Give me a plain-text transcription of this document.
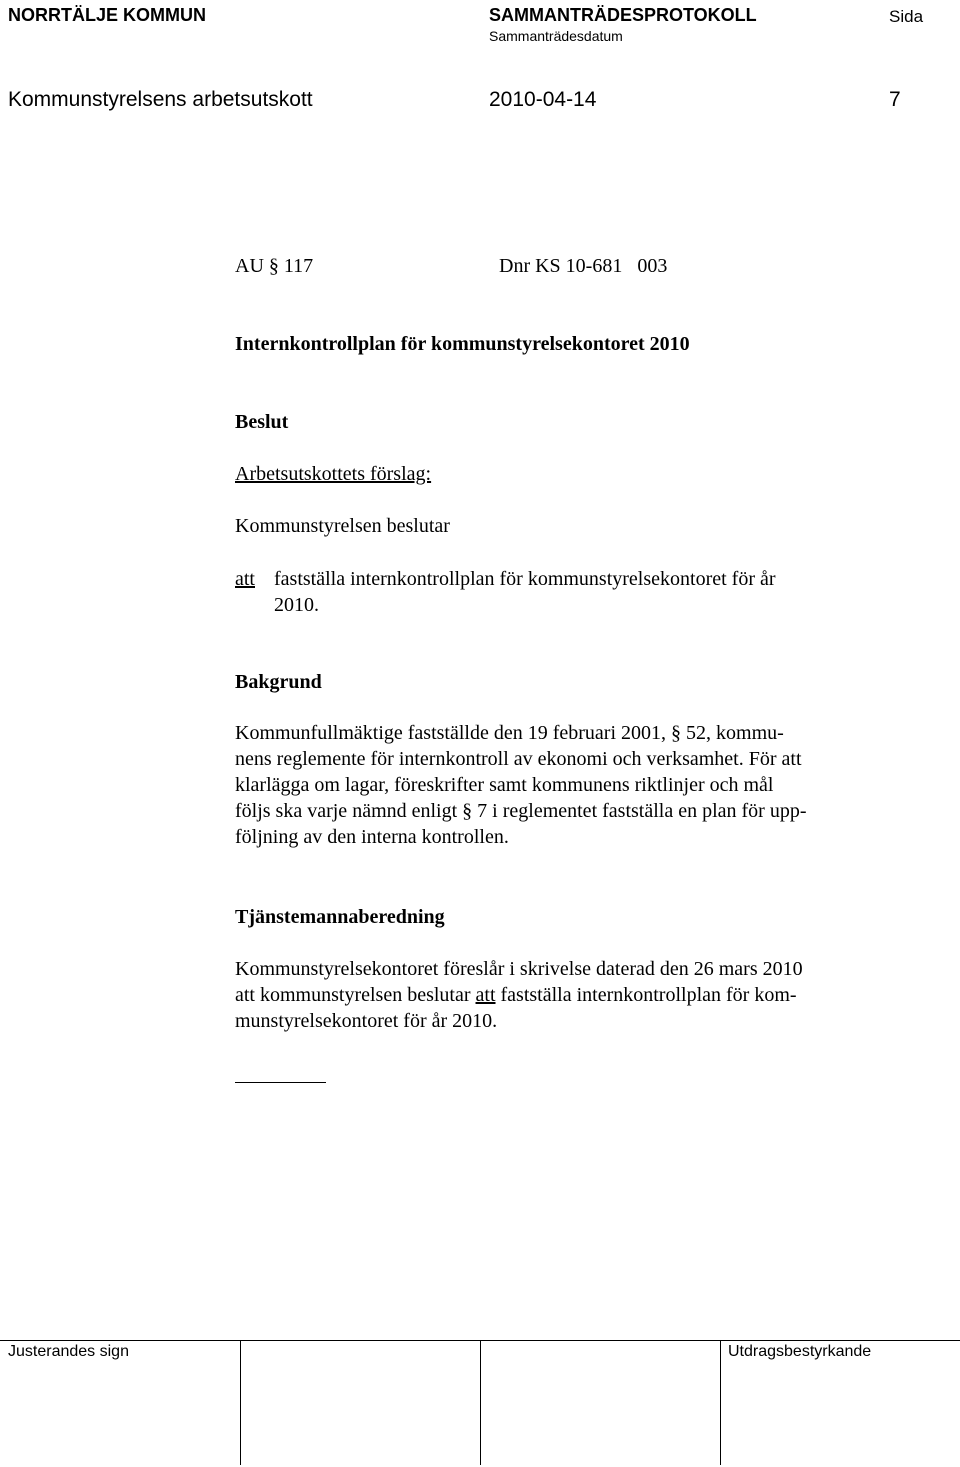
NORRTÄLJE KOMMUN	SAMMANTRÄDESPROTOKOLL
Sammanträdesdatum
Sida
Kommunstyrelsens arbetsutskott	2010-04-14	7
AU § 117	Dnr KS 10-681   003
Internkontrollplan för kommunstyrelsekontoret 2010
Beslut
Arbetsutskottets förslag:
Kommunstyrelsen beslutar
att fastställa internkontrollplan för kommunstyrelsekontoret för år
2010.
Bakgrund
Kommunfullmäktige fastställde den 19 februari 2001, § 52, kommu-
nens reglemente för internkontroll av ekonomi och verksamhet. För att
klarlägga om lagar, föreskrifter samt kommunens riktlinjer och mål
följs ska varje nämnd enligt § 7 i reglementet fastställa en plan för upp-
följning av den interna kontrollen.
Tjänstemannaberedning
Kommunstyrelsekontoret föreslår i skrivelse daterad den 26 mars 2010
att kommunstyrelsen beslutar att fastställa internkontrollplan för kom-
munstyrelsekontoret för år 2010.
Justerandes sign	Utdragsbestyrkande
